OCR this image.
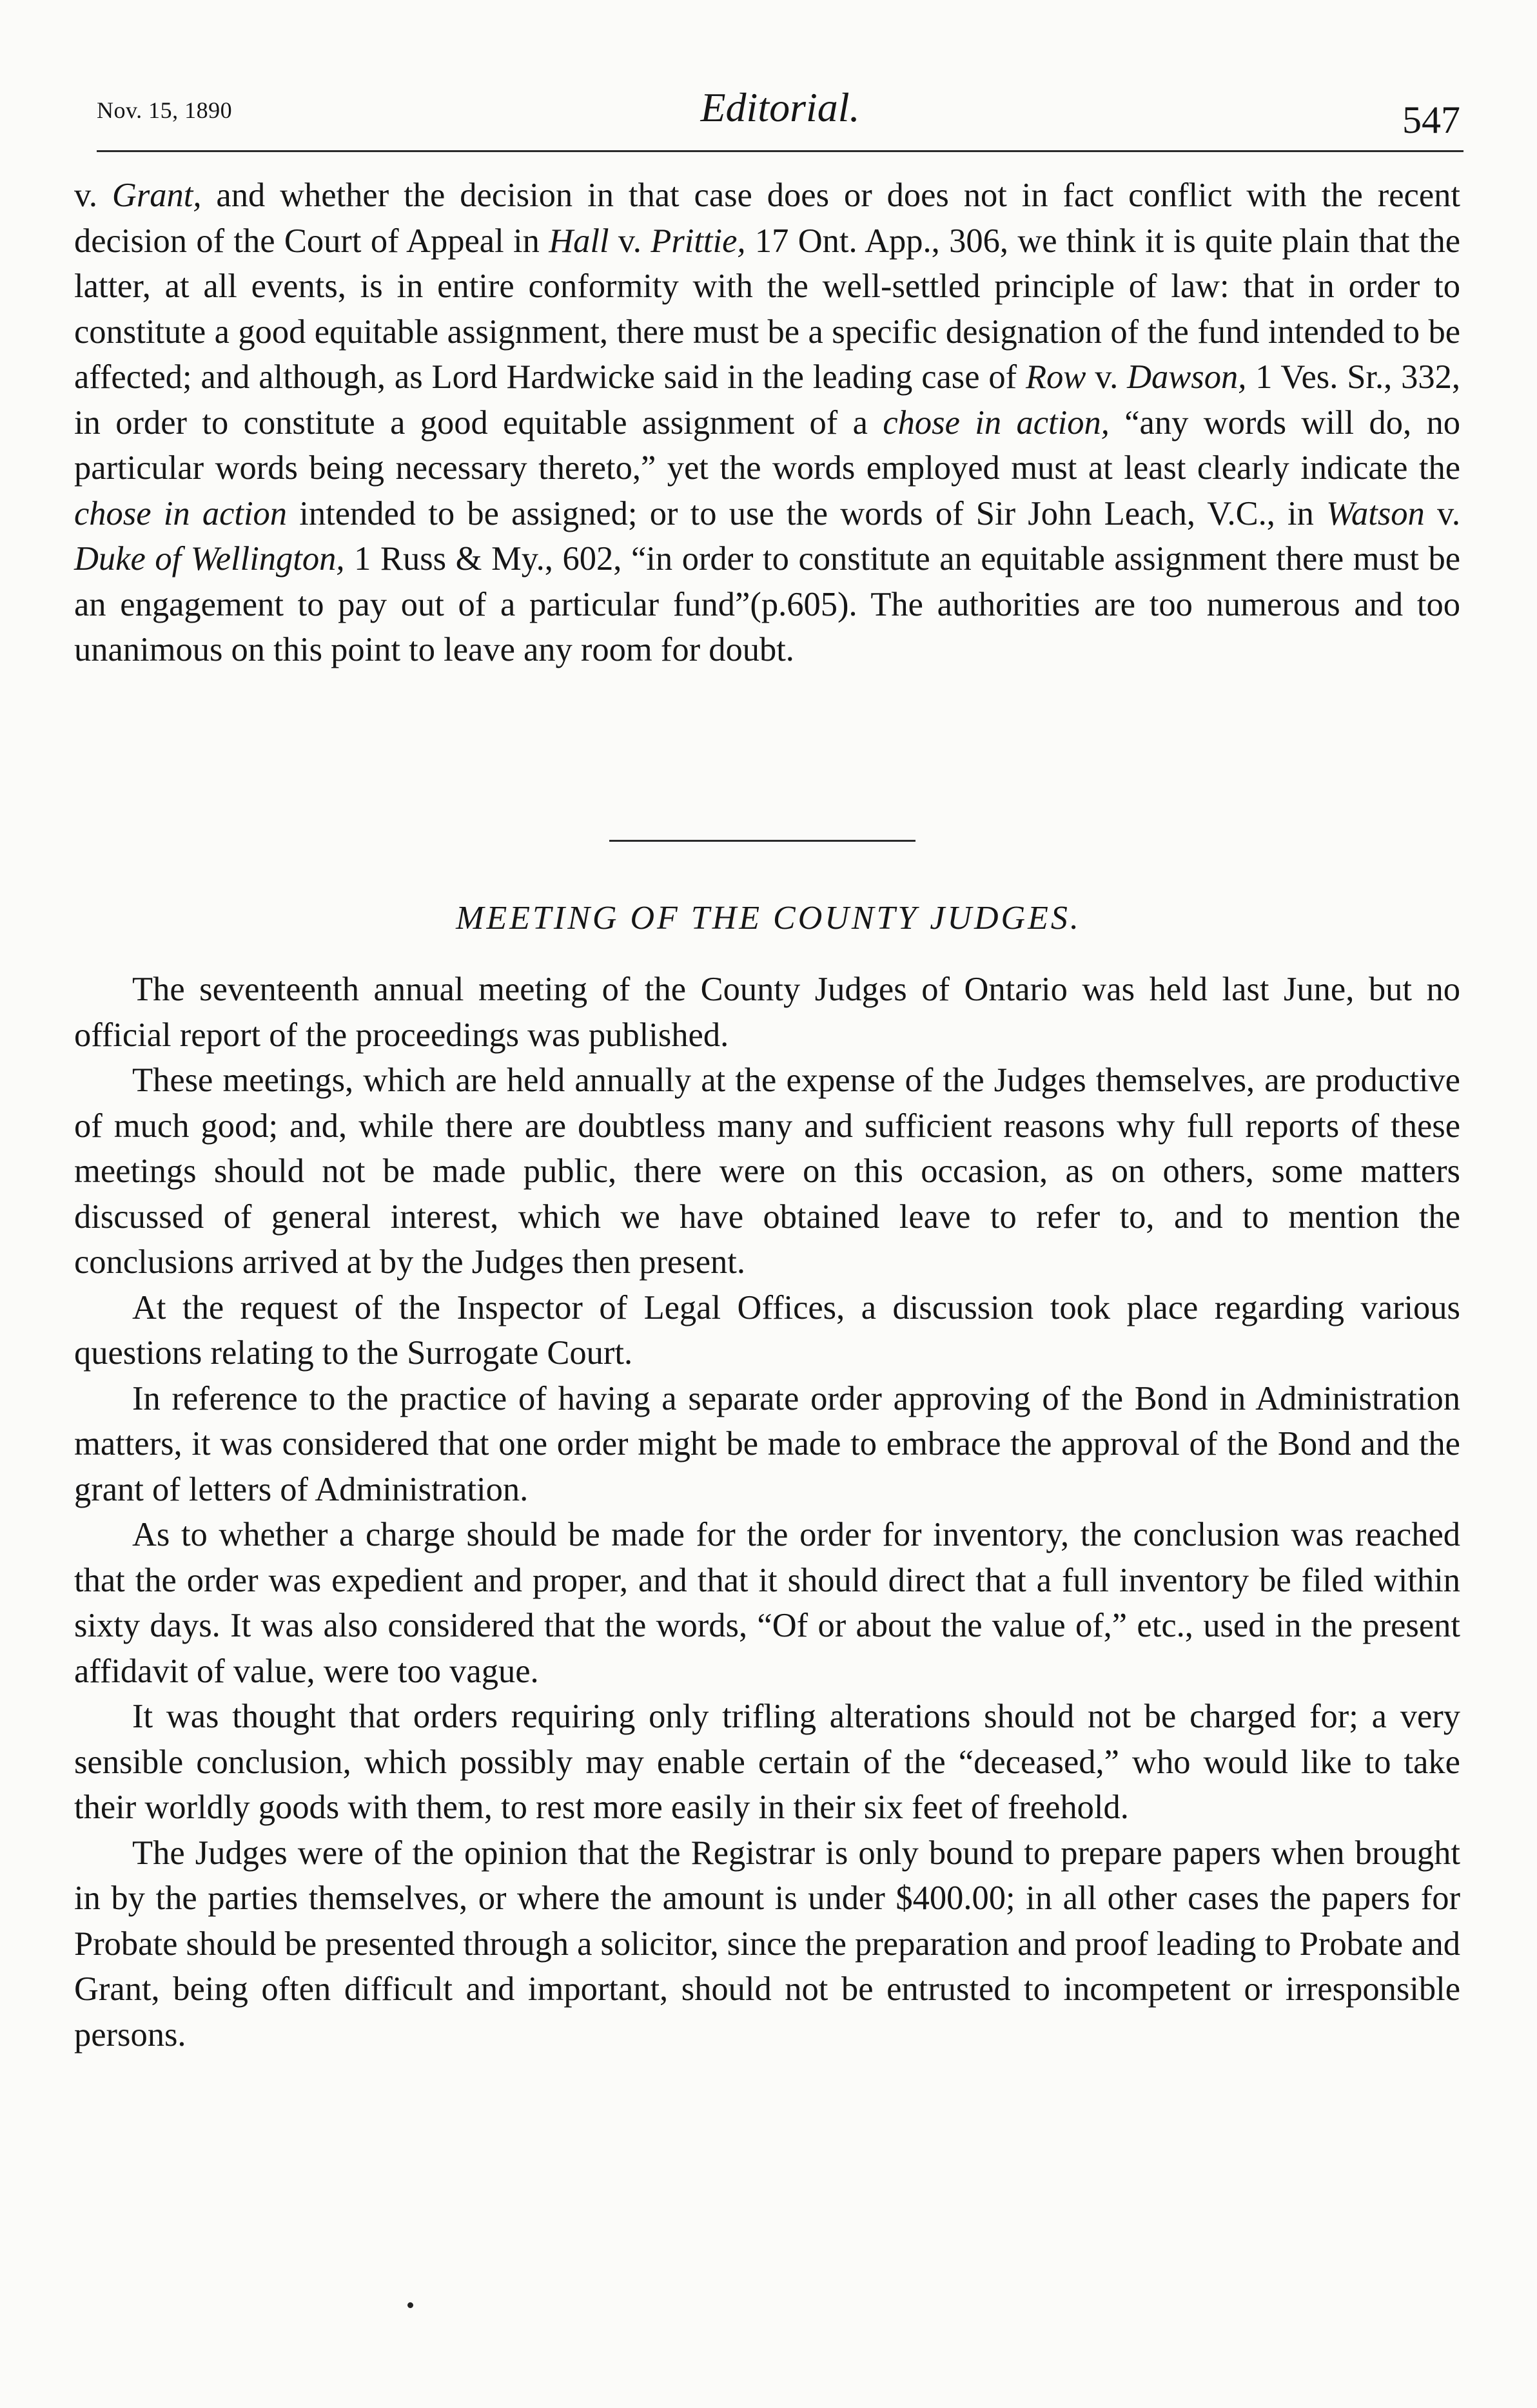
Nov. 15, 1890	Editorial.	547

v. Grant, and whether the decision in that case does or does not in fact conflict with the recent decision of the Court of Appeal in Hall v. Prittie, 17 Ont. App., 306, we think it is quite plain that the latter, at all events, is in entire conformity with the well-settled principle of law: that in order to constitute a good equitable assignment, there must be a specific designation of the fund intended to be affected; and although, as Lord Hardwicke said in the leading case of Row v. Dawson, 1 Ves. Sr., 332, in order to constitute a good equitable assignment of a chose in action, “any words will do, no particular words being necessary thereto,” yet the words employed must at least clearly indicate the chose in action intended to be assigned; or to use the words of Sir John Leach, V.C., in Watson v. Duke of Wellington, 1 Russ & My., 602, “in order to constitute an equitable assignment there must be an engagement to pay out of a particular fund”(p.605). The authorities are too numerous and too unanimous on this point to leave any room for doubt.

MEETING OF THE COUNTY JUDGES.

The seventeenth annual meeting of the County Judges of Ontario was held last June, but no official report of the proceedings was published.

These meetings, which are held annually at the expense of the Judges themselves, are productive of much good; and, while there are doubtless many and sufficient reasons why full reports of these meetings should not be made public, there were on this occasion, as on others, some matters discussed of general interest, which we have obtained leave to refer to, and to mention the conclusions arrived at by the Judges then present.

At the request of the Inspector of Legal Offices, a discussion took place regarding various questions relating to the Surrogate Court.

In reference to the practice of having a separate order approving of the Bond in Administration matters, it was considered that one order might be made to embrace the approval of the Bond and the grant of letters of Administration.

As to whether a charge should be made for the order for inventory, the conclusion was reached that the order was expedient and proper, and that it should direct that a full inventory be filed within sixty days. It was also considered that the words, “Of or about the value of,” etc., used in the present affidavit of value, were too vague.

It was thought that orders requiring only trifling alterations should not be charged for; a very sensible conclusion, which possibly may enable certain of the “deceased,” who would like to take their worldly goods with them, to rest more easily in their six feet of freehold.

The Judges were of the opinion that the Registrar is only bound to prepare papers when brought in by the parties themselves, or where the amount is under $400.00; in all other cases the papers for Probate should be presented through a solicitor, since the preparation and proof leading to Probate and Grant, being often difficult and important, should not be entrusted to incompetent or irresponsible persons.
